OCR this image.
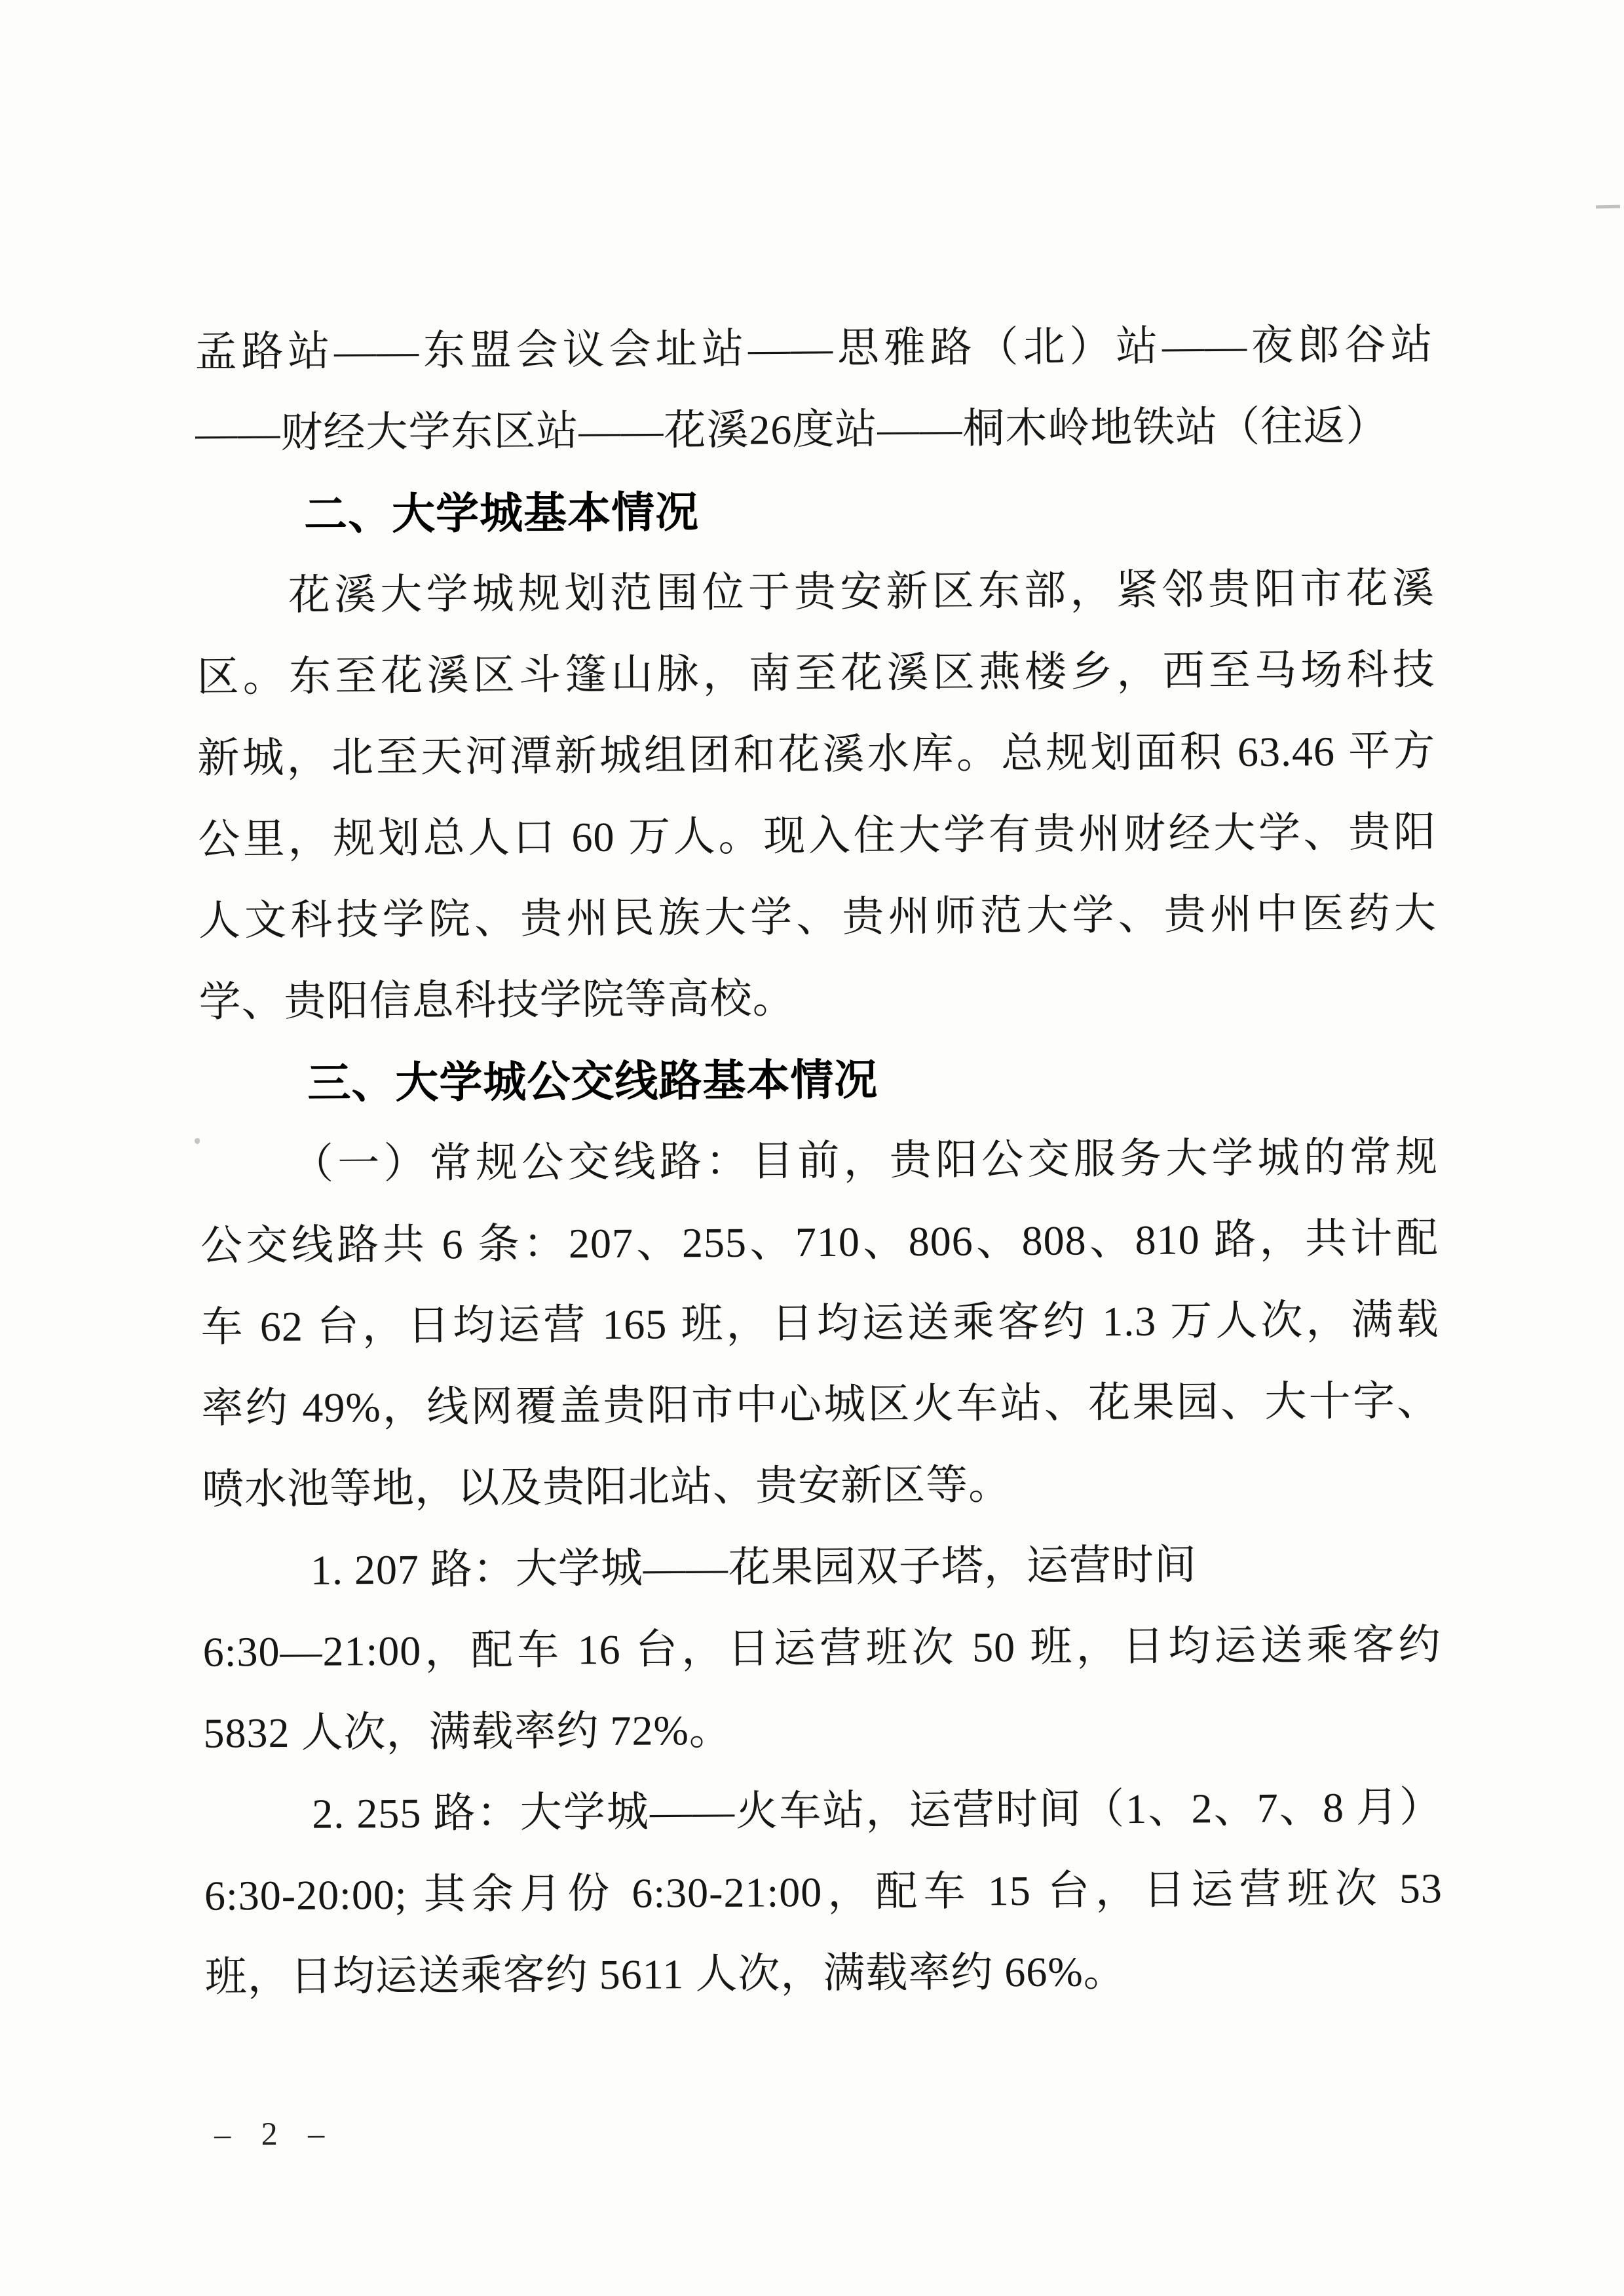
孟路站——东盟会议会址站——思雅路（北）站——夜郎谷站
——财经大学东区站——花溪26度站——桐木岭地铁站（往返）
二、大学城基本情况
花溪大学城规划范围位于贵安新区东部，紧邻贵阳市花溪
区。东至花溪区斗篷山脉，南至花溪区燕楼乡，西至马场科技
新城，北至天河潭新城组团和花溪水库。总规划面积 63.46 平方
公里，规划总人口 60 万人。现入住大学有贵州财经大学、贵阳
人文科技学院、贵州民族大学、贵州师范大学、贵州中医药大
学、贵阳信息科技学院等高校。
三、大学城公交线路基本情况
（一）常规公交线路：目前，贵阳公交服务大学城的常规
公交线路共 6 条：207、255、710、806、808、810 路，共计配
车 62 台，日均运营 165 班，日均运送乘客约 1.3 万人次，满载
率约 49%，线网覆盖贵阳市中心城区火车站、花果园、大十字、
喷水池等地，以及贵阳北站、贵安新区等。
1. 207 路：大学城——花果园双子塔，运营时间
6:30—21:00，配车 16 台，日运营班次 50 班，日均运送乘客约
5832 人次，满载率约 72%。
2. 255 路：大学城——火车站，运营时间（1、2、7、8 月）
6:30-20:00; 其余月份 6:30-21:00，配车 15 台，日运营班次 53
班，日均运送乘客约 5611 人次，满载率约 66%。
– 2 –
